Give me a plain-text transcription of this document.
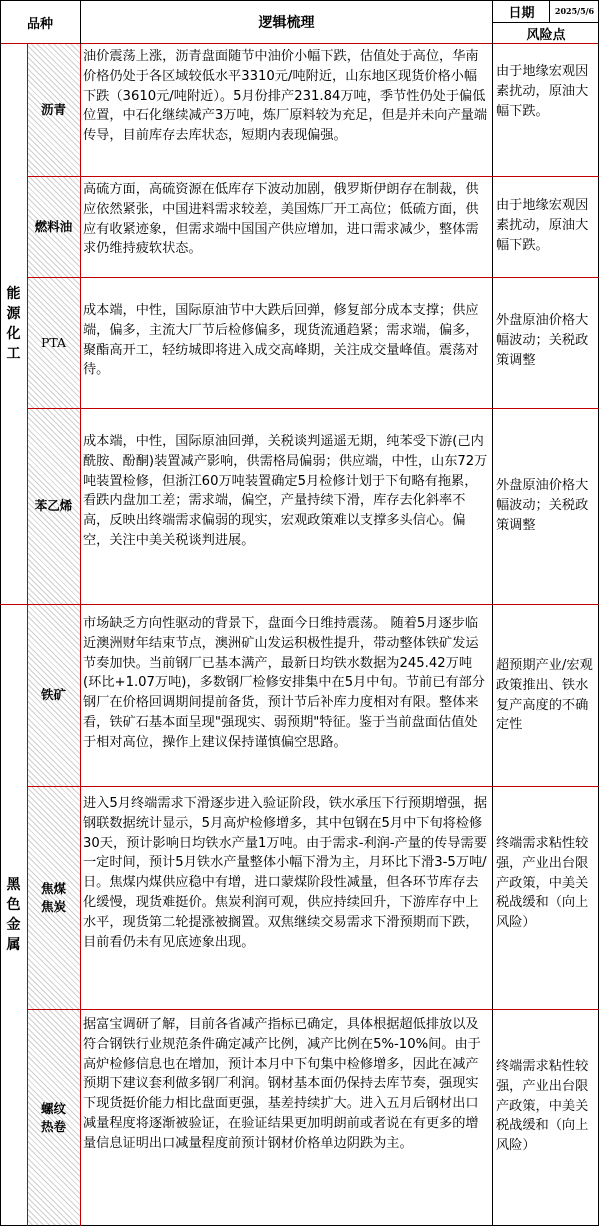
品种	逻辑梳理
日期	2025/5/6
风险点
能源化工
沥青
油价震荡上涨，沥青盘面随节中油价小幅下跌，估值处于高位，华南价格仍处于各区域较低水平3310元/吨附近，山东地区现货价格小幅下跌（3610元/吨附近）。5月份排产231.84万吨，季节性仍处于偏低位置，中石化继续减产3万吨，炼厂原料较为充足，但是并未向产量端传导，目前库存去库状态，短期内表现偏强。
由于地缘宏观因素扰动，原油大幅下跌。
燃料油
高硫方面，高硫资源在低库存下波动加剧，俄罗斯伊朗存在制裁，供应依然紧张，中国进料需求较差，美国炼厂开工高位；低硫方面，供应有收紧迹象，但需求端中国国产供应增加，进口需求减少，整体需求仍维持疲软状态。
由于地缘宏观因素扰动，原油大幅下跌。
PTA
成本端，中性，国际原油节中大跌后回弹，修复部分成本支撑；供应端，偏多，主流大厂节后检修偏多，现货流通趋紧；需求端，偏多，聚酯高开工，轻纺城即将进入成交高峰期，关注成交量峰值。震荡对待。
外盘原油价格大幅波动；关税政策调整
苯乙烯
成本端，中性，国际原油回弹，关税谈判遥遥无期，纯苯受下游(己内酰胺、酚酮)装置减产影响，供需格局偏弱；供应端，中性，山东72万吨装置检修，但浙江60万吨装置确定5月检修计划于下旬略有拖累，看跌内盘加工差；需求端，偏空，产量持续下滑，库存去化斜率不高，反映出终端需求偏弱的现实，宏观政策难以支撑多头信心。偏空，关注中美关税谈判进展。
外盘原油价格大幅波动；关税政策调整
黑色金属
铁矿
市场缺乏方向性驱动的背景下，盘面今日维持震荡。 随着5月逐步临近澳洲财年结束节点，澳洲矿山发运积极性提升，带动整体铁矿发运节奏加快。当前钢厂已基本满产，最新日均铁水数据为245.42万吨 (环比+1.07万吨)，多数钢厂检修安排集中在5月中旬。节前已有部分钢厂在价格回调期间提前备货，预计节后补库力度相对有限。整体来看，铁矿石基本面呈现"强现实、弱预期"特征。鉴于当前盘面估值处于相对高位，操作上建议保持谨慎偏空思路。
超预期产业/宏观政策推出、铁水复产高度的不确定性
焦煤焦炭
进入5月终端需求下滑逐步进入验证阶段，铁水承压下行预期增强，据钢联数据统计显示，5月高炉检修增多，其中包钢在5月中下旬将检修30天，预计影响日均铁水产量1万吨。由于需求-利润-产量的传导需要一定时间，预计5月铁水产量整体小幅下滑为主，月环比下滑3-5万吨/日。焦煤内煤供应稳中有增，进口蒙煤阶段性减量，但各环节库存去化缓慢，现货难挺价。焦炭利润可观，供应持续回升，下游库存中上水平，现货第二轮提涨被搁置。双焦继续交易需求下滑预期而下跌，目前看仍未有见底迹象出现。
终端需求粘性较强，产业出台限产政策，中美关税战缓和（向上风险）
螺纹热卷
据富宝调研了解，目前各省减产指标已确定，具体根据超低排放以及符合钢铁行业规范条件确定减产比例，减产比例在5%-10%间。由于高炉检修信息也在增加，预计本月中下旬集中检修增多，因此在减产预期下建议套利做多钢厂利润。钢材基本面仍保持去库节奏，强现实下现货挺价能力相比盘面更强，基差持续扩大。进入五月后钢材出口减量程度将逐渐被验证，在验证结果更加明朗前或者说在有更多的增量信息证明出口减量程度前预计钢材价格单边阴跌为主。
终端需求粘性较强，产业出台限产政策，中美关税战缓和（向上风险）
